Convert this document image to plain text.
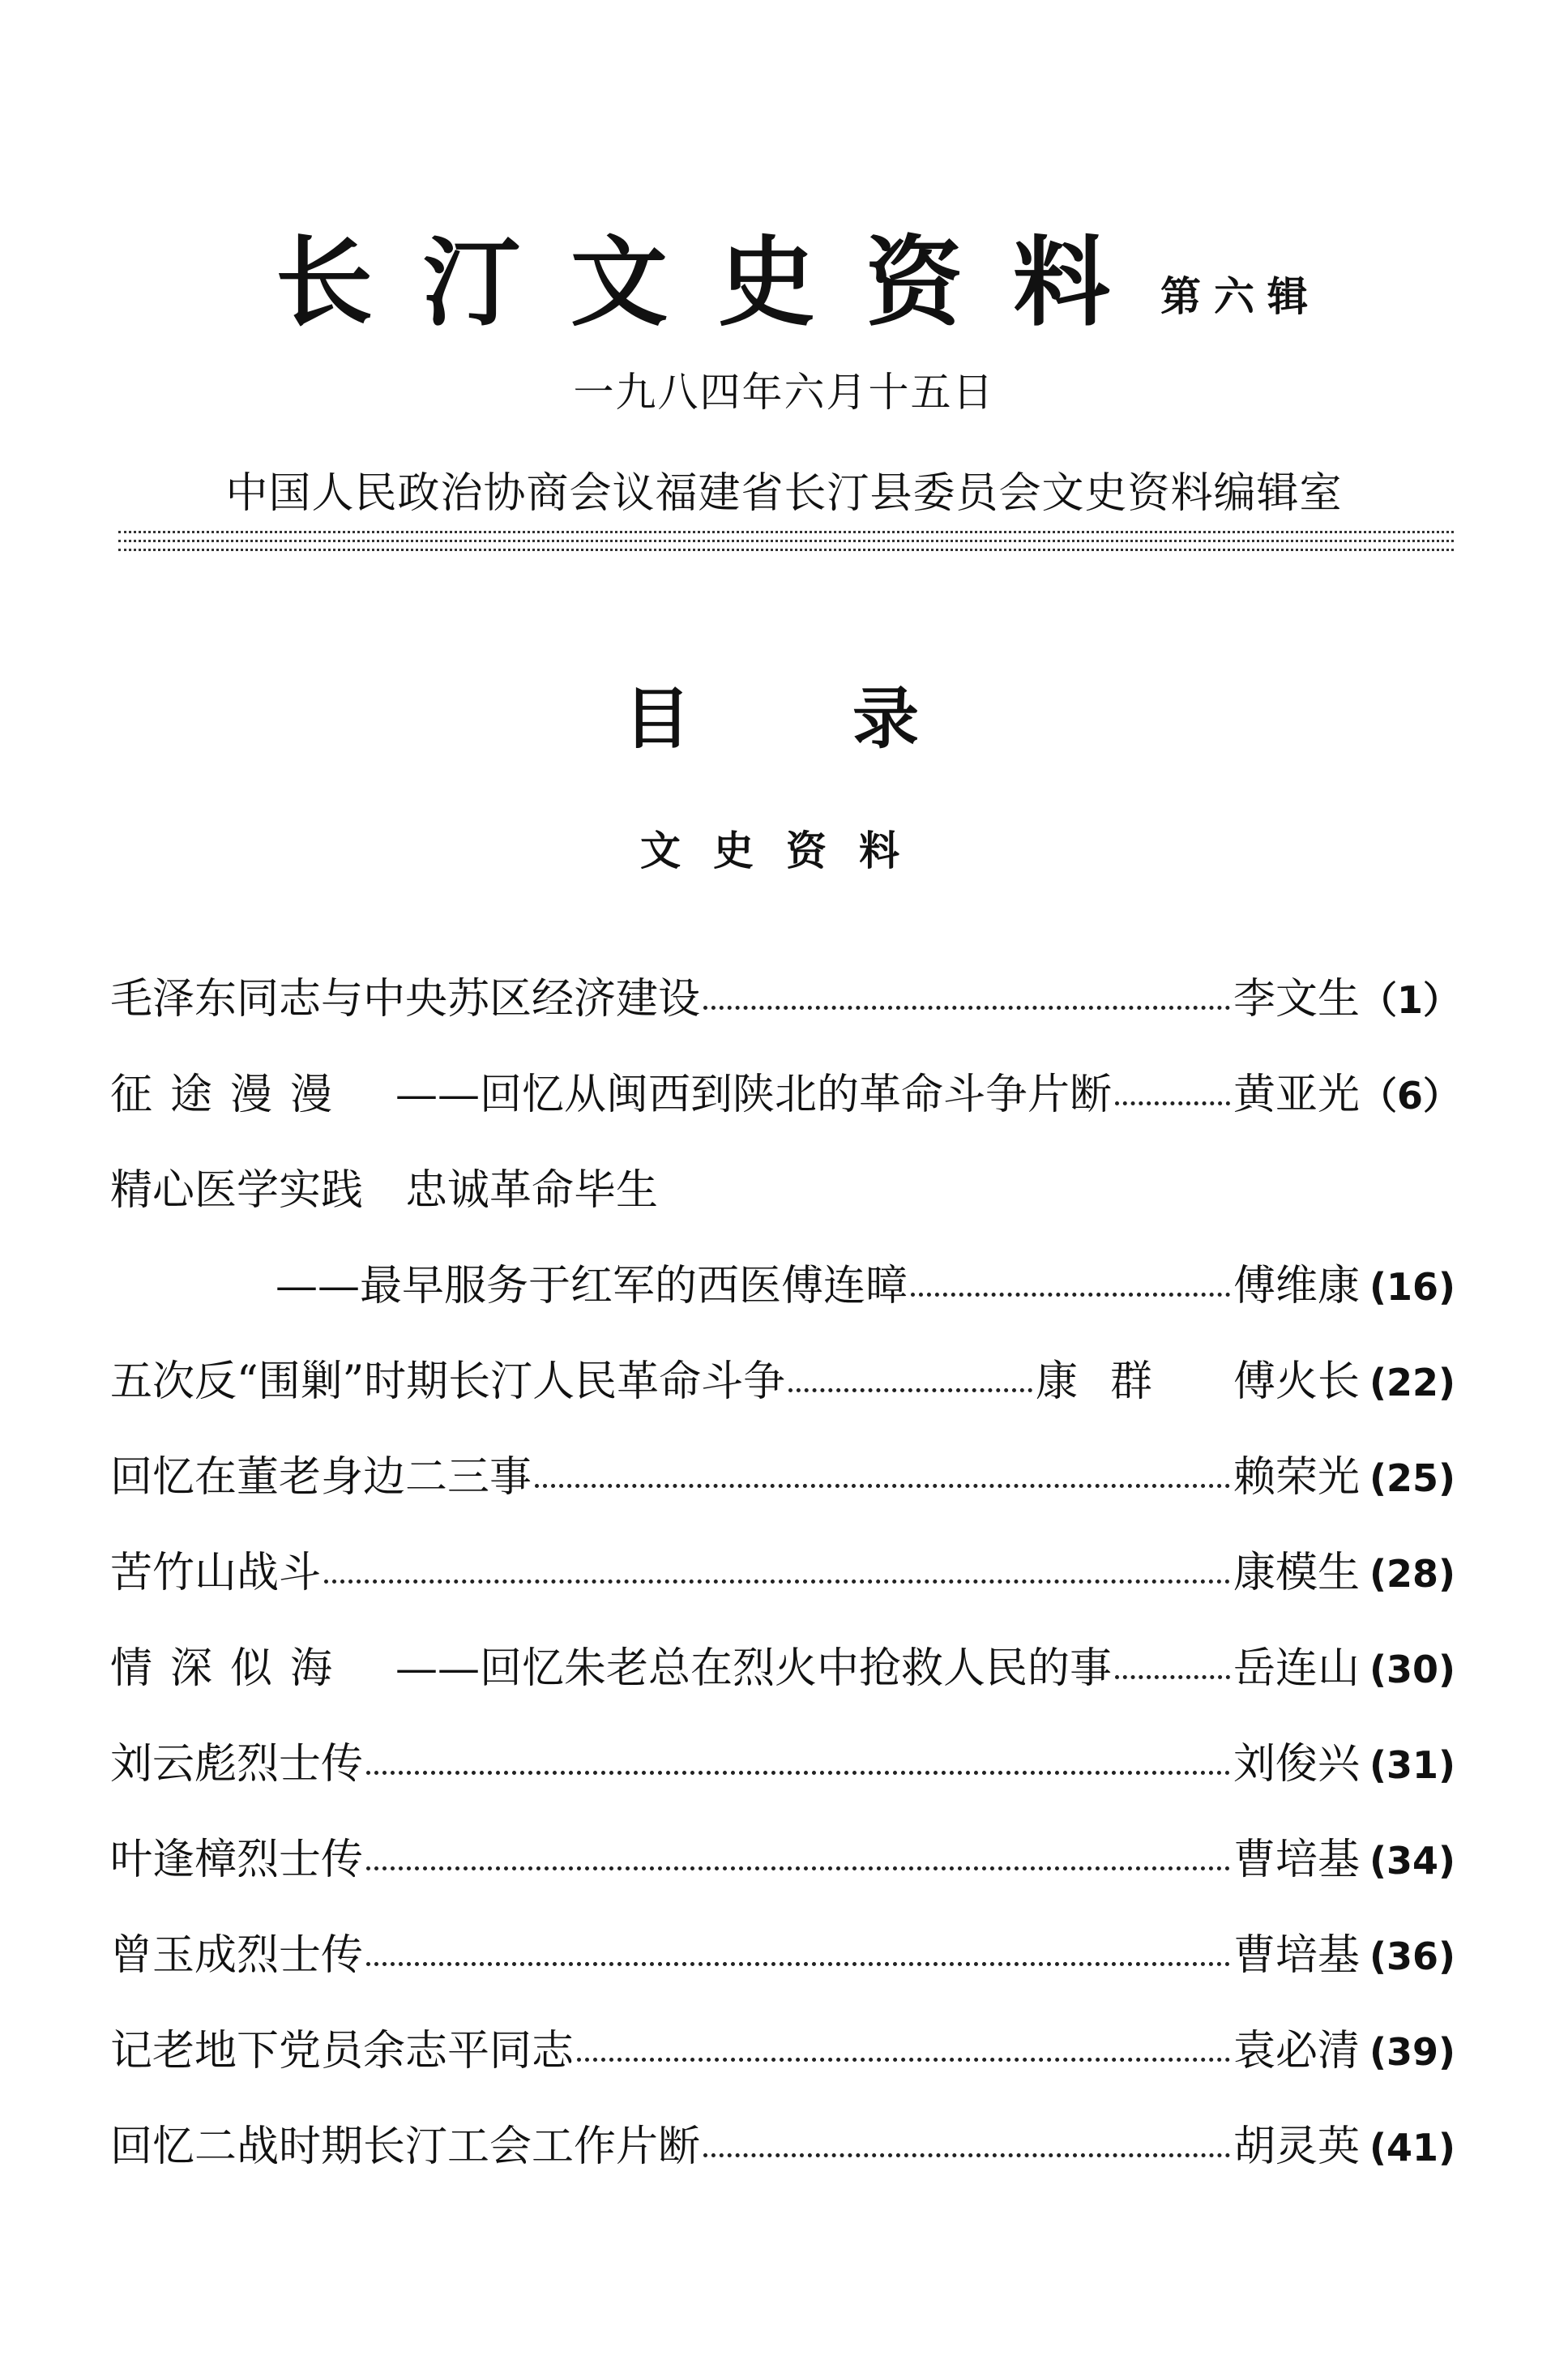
长汀文史资料 第六辑
一九八四年六月十五日
中国人民政治协商会议福建省长汀县委员会文史资料编辑室
目录
文史资料
毛泽东同志与中央苏区经济建设	李文生 （1）
征途漫漫 ——回忆从闽西到陕北的革命斗争片断	黄亚光 （6）
精心医学实践　忠诚革命毕生
——最早服务于红军的西医傅连暲	傅维康 (16)
五次反“围剿”时期长汀人民革命斗争	康群 傅火长 (22)
回忆在董老身边二三事	赖荣光 (25)
苦竹山战斗	康模生 (28)
情深似海 ——回忆朱老总在烈火中抢救人民的事	岳连山 (30)
刘云彪烈士传	刘俊兴 (31)
叶逢樟烈士传	曹培基 (34)
曾玉成烈士传	曹培基 (36)
记老地下党员余志平同志	袁必清 (39)
回忆二战时期长汀工会工作片断	胡灵英 (41)
